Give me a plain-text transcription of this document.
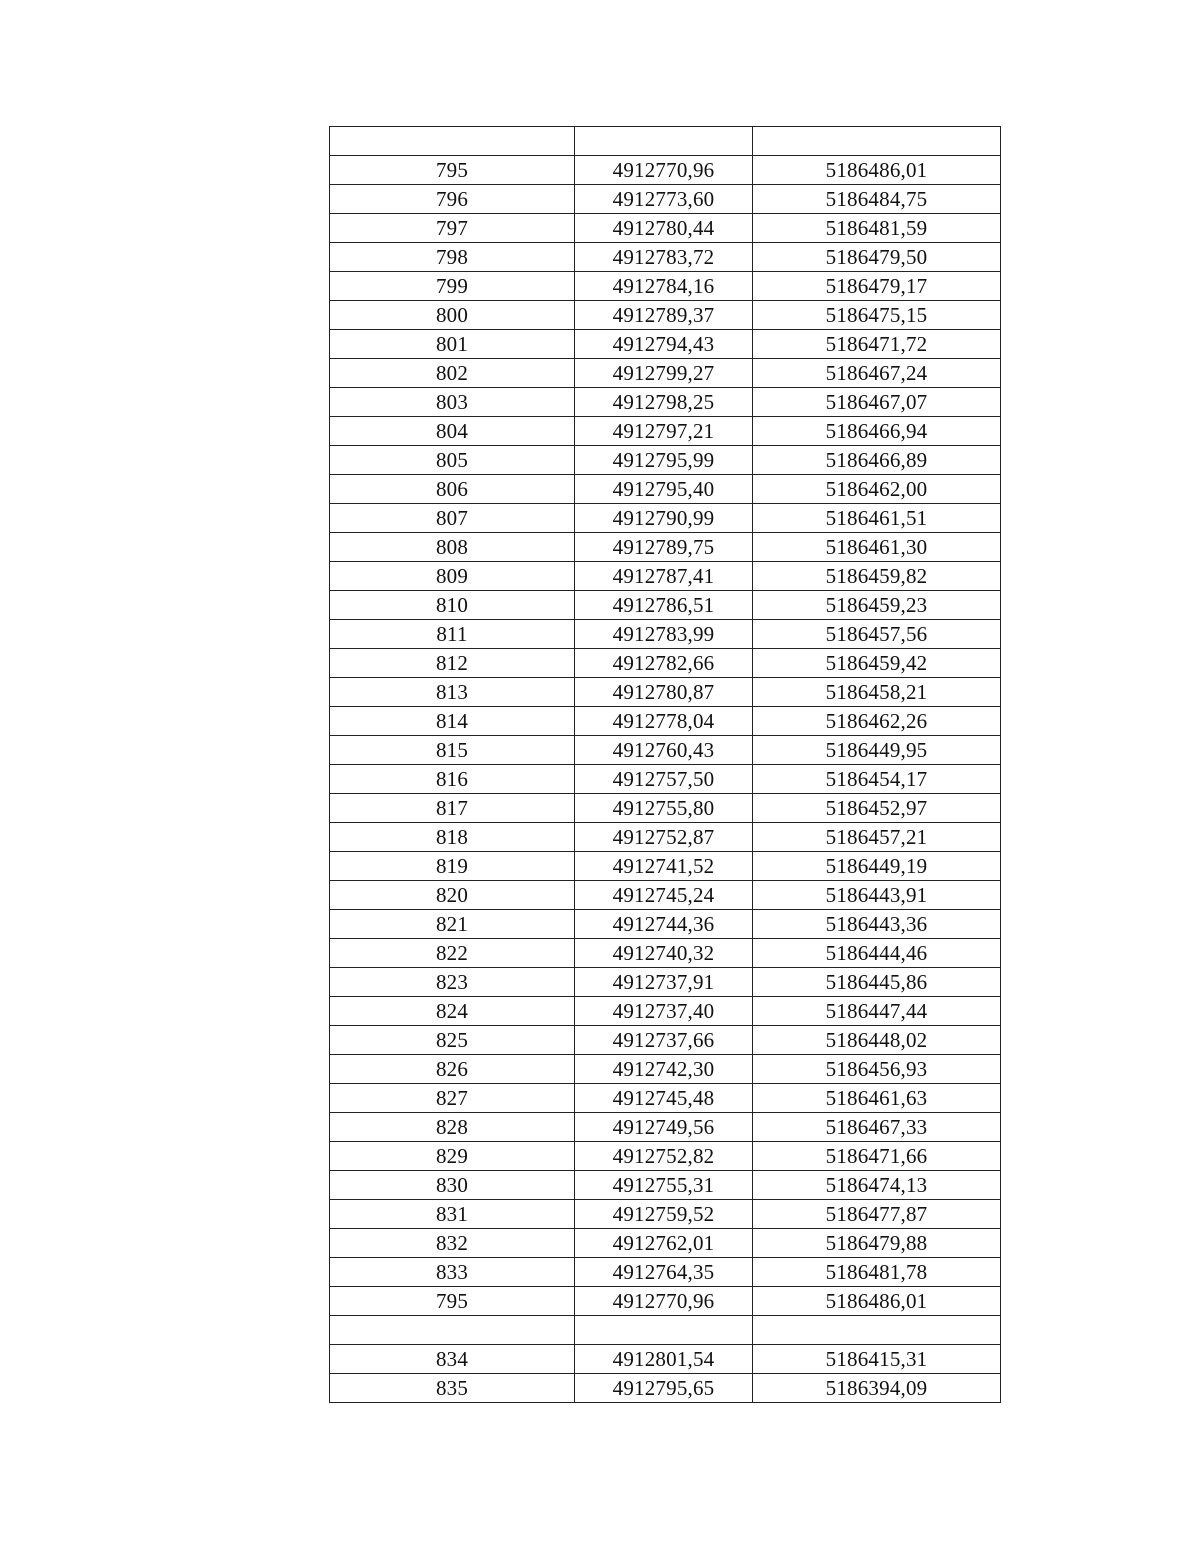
795	4912770,96	5186486,01
796	4912773,60	5186484,75
797	4912780,44	5186481,59
798	4912783,72	5186479,50
799	4912784,16	5186479,17
800	4912789,37	5186475,15
801	4912794,43	5186471,72
802	4912799,27	5186467,24
803	4912798,25	5186467,07
804	4912797,21	5186466,94
805	4912795,99	5186466,89
806	4912795,40	5186462,00
807	4912790,99	5186461,51
808	4912789,75	5186461,30
809	4912787,41	5186459,82
810	4912786,51	5186459,23
811	4912783,99	5186457,56
812	4912782,66	5186459,42
813	4912780,87	5186458,21
814	4912778,04	5186462,26
815	4912760,43	5186449,95
816	4912757,50	5186454,17
817	4912755,80	5186452,97
818	4912752,87	5186457,21
819	4912741,52	5186449,19
820	4912745,24	5186443,91
821	4912744,36	5186443,36
822	4912740,32	5186444,46
823	4912737,91	5186445,86
824	4912737,40	5186447,44
825	4912737,66	5186448,02
826	4912742,30	5186456,93
827	4912745,48	5186461,63
828	4912749,56	5186467,33
829	4912752,82	5186471,66
830	4912755,31	5186474,13
831	4912759,52	5186477,87
832	4912762,01	5186479,88
833	4912764,35	5186481,78
795	4912770,96	5186486,01

834	4912801,54	5186415,31
835	4912795,65	5186394,09
